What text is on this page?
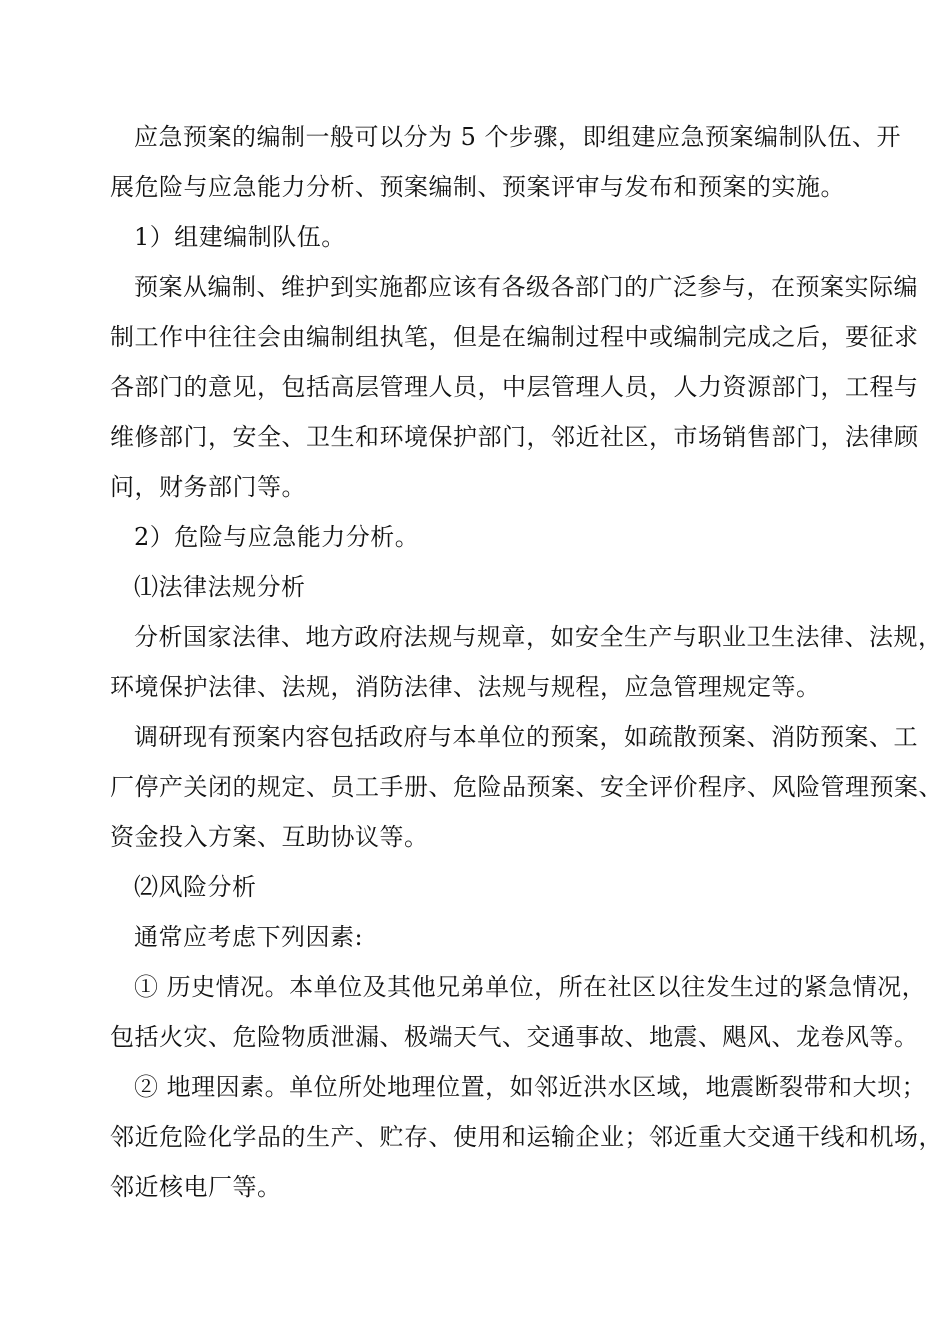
应急预案的编制一般可以分为 5 个步骤，即组建应急预案编制队伍、开
展危险与应急能力分析、预案编制、预案评审与发布和预案的实施。
1）组建编制队伍。
预案从编制、维护到实施都应该有各级各部门的广泛参与，在预案实际编
制工作中往往会由编制组执笔，但是在编制过程中或编制完成之后，要征求
各部门的意见，包括高层管理人员，中层管理人员，人力资源部门，工程与
维修部门，安全、卫生和环境保护部门，邻近社区，市场销售部门，法律顾
问，财务部门等。
2）危险与应急能力分析。
⑴法律法规分析
分析国家法律、地方政府法规与规章，如安全生产与职业卫生法律、法规，
环境保护法律、法规，消防法律、法规与规程，应急管理规定等。
调研现有预案内容包括政府与本单位的预案，如疏散预案、消防预案、工
厂停产关闭的规定、员工手册、危险品预案、安全评价程序、风险管理预案、
资金投入方案、互助协议等。
⑵风险分析
通常应考虑下列因素:
① 历史情况。本单位及其他兄弟单位，所在社区以往发生过的紧急情况，
包括火灾、危险物质泄漏、极端天气、交通事故、地震、飓风、龙卷风等。
② 地理因素。单位所处地理位置，如邻近洪水区域，地震断裂带和大坝；
邻近危险化学品的生产、贮存、使用和运输企业；邻近重大交通干线和机场，
邻近核电厂等。
